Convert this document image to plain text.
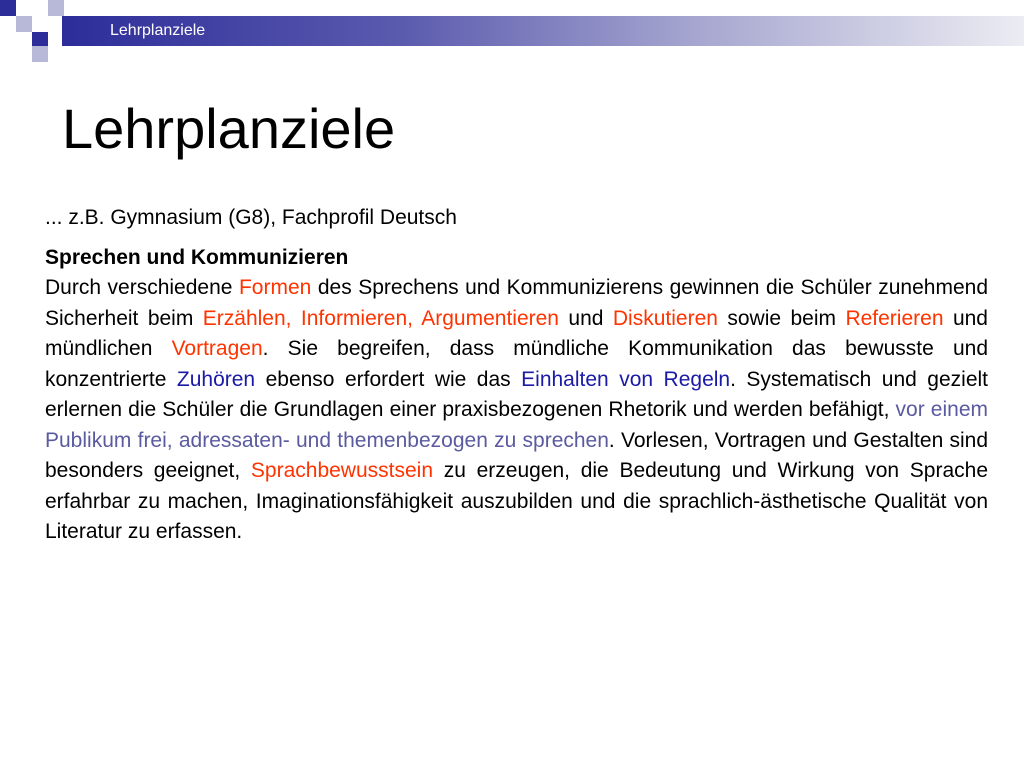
Lehrplanziele
Lehrplanziele

... z.B. Gymnasium (G8), Fachprofil Deutsch

Sprechen und Kommunizieren

Durch verschiedene Formen des Sprechens und Kommunizierens gewinnen die Schüler zunehmend Sicherheit beim Erzählen, Informieren, Argumentieren und Diskutieren sowie beim Referieren und mündlichen Vortragen. Sie begreifen, dass mündliche Kommunikation das bewusste und konzentrierte Zuhören ebenso erfordert wie das Einhalten von Regeln. Systematisch und gezielt erlernen die Schüler die Grundlagen einer praxisbezogenen Rhetorik und werden befähigt, vor einem Publikum frei, adressaten- und themenbezogen zu sprechen. Vorlesen, Vortragen und Gestalten sind besonders geeignet, Sprachbewusstsein zu erzeugen, die Bedeutung und Wirkung von Sprache erfahrbar zu machen, Imaginationsfähigkeit auszubilden und die sprachlich-ästhetische Qualität von Literatur zu erfassen.
